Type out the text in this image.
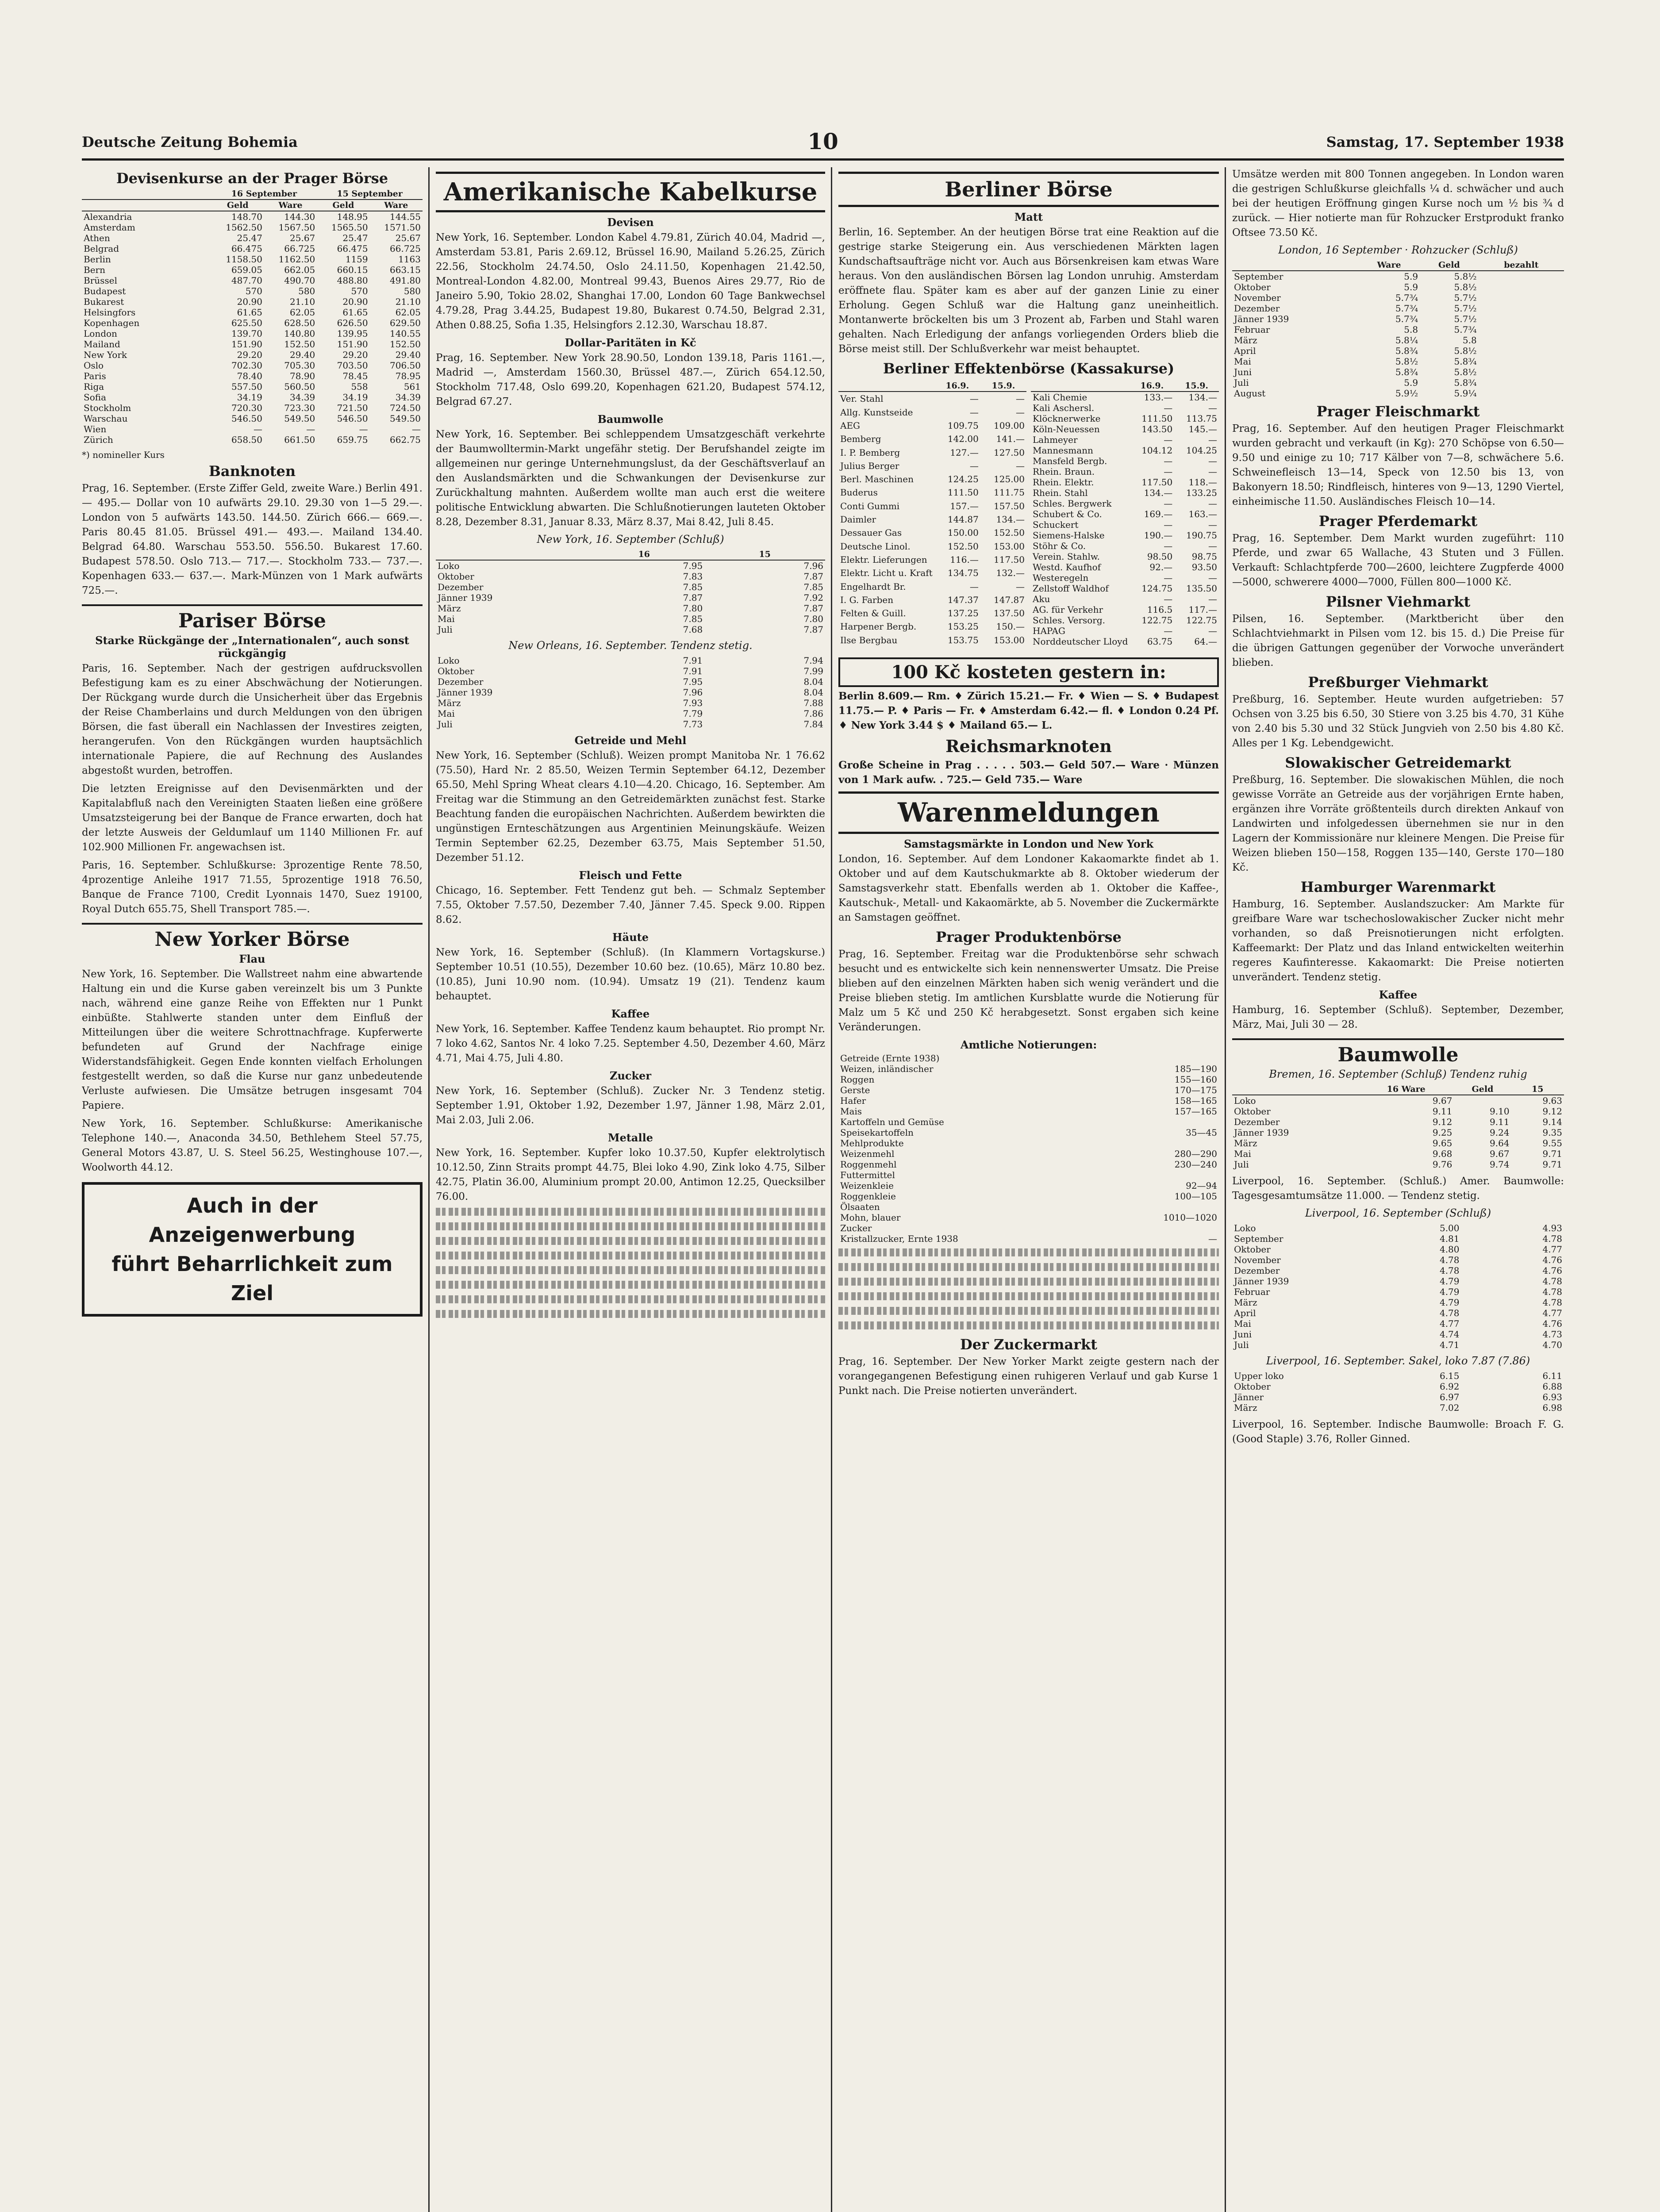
Deutsche Zeitung Bohemia	10	Samstag, 17. September 1938
Devisenkurse an der Prager Börse
	16 September		15 September	
	Geld	Ware	Geld	Ware
Alexandria	148.70	144.30	148.95	144.55
Amsterdam	1562.50	1567.50	1565.50	1571.50
Athen	25.47	25.67	25.47	25.67
Belgrad	66.475	66.725	66.475	66.725
Berlin	1158.50	1162.50	1159	1163
Bern	659.05	662.05	660.15	663.15
Brüssel	487.70	490.70	488.80	491.80
Budapest	570	580	570	580
Bukarest	20.90	21.10	20.90	21.10
Helsingfors	61.65	62.05	61.65	62.05
Kopenhagen	625.50	628.50	626.50	629.50
London	139.70	140.80	139.95	140.55
Mailand	151.90	152.50	151.90	152.50
New York	29.20	29.40	29.20	29.40
Oslo	702.30	705.30	703.50	706.50
Paris	78.40	78.90	78.45	78.95
Riga	557.50	560.50	558	561
Sofia	34.19	34.39	34.19	34.39
Stockholm	720.30	723.30	721.50	724.50
Warschau	546.50	549.50	546.50	549.50
Wien	—	—	—	—
Zürich	658.50	661.50	659.75	662.75
*) nomineller Kurs
Banknoten

Prag, 16. September. (Erste Ziffer Geld, zweite Ware.) Berlin 491.— 495.— Dollar von 10 aufwärts 29.10. 29.30 von 1—5 29.—. London von 5 aufwärts 143.50. 144.50. Zürich 666.— 669.—. Paris 80.45 81.05. Brüssel 491.— 493.—. Mailand 134.40. Belgrad 64.80. Warschau 553.50. 556.50. Bukarest 17.60. Budapest 578.50. Oslo 713.— 717.—. Stockholm 733.— 737.—. Kopenhagen 633.— 637.—. Mark-Münzen von 1 Mark aufwärts 725.—.

Pariser Börse
Starke Rückgänge der „Internationalen“, auch sonst rückgängig

Paris, 16. September. Nach der gestrigen aufdrucksvollen Befestigung kam es zu einer Abschwächung der Notierungen. Der Rückgang wurde durch die Unsicherheit über das Ergebnis der Reise Chamberlains und durch Meldungen von den übrigen Börsen, die fast überall ein Nachlassen der Investires zeigten, herangerufen. Von den Rückgängen wurden hauptsächlich internationale Papiere, die auf Rechnung des Auslandes abgestoßt wurden, betroffen.

Die letzten Ereignisse auf den Devisenmärkten und der Kapitalabfluß nach den Vereinigten Staaten ließen eine größere Umsatzsteigerung bei der Banque de France erwarten, doch hat der letzte Ausweis der Geldumlauf um 1140 Millionen Fr. auf 102.900 Millionen Fr. angewachsen ist.

Paris, 16. September. Schlußkurse: 3prozentige Rente 78.50, 4prozentige Anleihe 1917 71.55, 5prozentige 1918 76.50, Banque de France 7100, Credit Lyonnais 1470, Suez 19100, Royal Dutch 655.75, Shell Transport 785.—.

New Yorker Börse
Flau

New York, 16. September. Die Wallstreet nahm eine abwartende Haltung ein und die Kurse gaben vereinzelt bis um 3 Punkte nach, während eine ganze Reihe von Effekten nur 1 Punkt einbüßte. Stahlwerte standen unter dem Einfluß der Mitteilungen über die weitere Schrottnachfrage. Kupferwerte befundeten auf Grund der Nachfrage einige Widerstandsfähigkeit. Gegen Ende konnten vielfach Erholungen festgestellt werden, so daß die Kurse nur ganz unbedeutende Verluste aufwiesen. Die Umsätze betrugen insgesamt 704 Papiere.

New York, 16. September. Schlußkurse: Amerikanische Telephone 140.—, Anaconda 34.50, Bethlehem Steel 57.75, General Motors 43.87, U. S. Steel 56.25, Westinghouse 107.—, Woolworth 44.12.

Auch in der Anzeigenwerbung
führt Beharrlichkeit zum Ziel
Amerikanische Kabelkurse
Devisen

New York, 16. September. London Kabel 4.79.81, Zürich 40.04, Madrid —, Amsterdam 53.81, Paris 2.69.12, Brüssel 16.90, Mailand 5.26.25, Zürich 22.56, Stockholm 24.74.50, Oslo 24.11.50, Kopenhagen 21.42.50, Montreal-London 4.82.00, Montreal 99.43, Buenos Aires 29.77, Rio de Janeiro 5.90, Tokio 28.02, Shanghai 17.00, London 60 Tage Bankwechsel 4.79.28, Prag 3.44.25, Budapest 19.80, Bukarest 0.74.50, Belgrad 2.31, Athen 0.88.25, Sofia 1.35, Helsingfors 2.12.30, Warschau 18.87.

Dollar-Paritäten in Kč

Prag, 16. September. New York 28.90.50, London 139.18, Paris 1161.—, Madrid —, Amsterdam 1560.30, Brüssel 487.—, Zürich 654.12.50, Stockholm 717.48, Oslo 699.20, Kopenhagen 621.20, Budapest 574.12, Belgrad 67.27.

Baumwolle

New York, 16. September. Bei schleppendem Umsatzgeschäft verkehrte der Baumwolltermin-Markt ungefähr stetig. Der Berufshandel zeigte im allgemeinen nur geringe Unternehmungslust, da der Geschäftsverlauf an den Auslandsmärkten und die Schwankungen der Devisenkurse zur Zurückhaltung mahnten. Außerdem wollte man auch erst die weitere politische Entwicklung abwarten. Die Schlußnotierungen lauteten Oktober 8.28, Dezember 8.31, Januar 8.33, März 8.37, Mai 8.42, Juli 8.45.

New York, 16. September (Schluß)
	16	15
Loko	7.95	7.96
Oktober	7.83	7.87
Dezember	7.85	7.85
Jänner 1939	7.87	7.92
März	7.80	7.87
Mai	7.85	7.80
Juli	7.68	7.87
New Orleans, 16. September. Tendenz stetig.
Loko	7.91	7.94
Oktober	7.91	7.99
Dezember	7.95	8.04
Jänner 1939	7.96	8.04
März	7.93	7.88
Mai	7.79	7.86
Juli	7.73	7.84
Getreide und Mehl

New York, 16. September (Schluß). Weizen prompt Manitoba Nr. 1 76.62 (75.50), Hard Nr. 2 85.50, Weizen Termin September 64.12, Dezember 65.50, Mehl Spring Wheat clears 4.10—4.20. Chicago, 16. September. Am Freitag war die Stimmung an den Getreidemärkten zunächst fest. Starke Beachtung fanden die europäischen Nachrichten. Außerdem bewirkten die ungünstigen Ernteschätzungen aus Argentinien Meinungskäufe. Weizen Termin September 62.25, Dezember 63.75, Mais September 51.50, Dezember 51.12.

Fleisch und Fette

Chicago, 16. September. Fett Tendenz gut beh. — Schmalz September 7.55, Oktober 7.57.50, Dezember 7.40, Jänner 7.45. Speck 9.00. Rippen 8.62.

Häute

New York, 16. September (Schluß). (In Klammern Vortagskurse.) September 10.51 (10.55), Dezember 10.60 bez. (10.65), März 10.80 bez. (10.85), Juni 10.90 nom. (10.94). Umsatz 19 (21). Tendenz kaum behauptet.

Kaffee

New York, 16. September. Kaffee Tendenz kaum behauptet. Rio prompt Nr. 7 loko 4.62, Santos Nr. 4 loko 7.25. September 4.50, Dezember 4.60, März 4.71, Mai 4.75, Juli 4.80.

Zucker

New York, 16. September (Schluß). Zucker Nr. 3 Tendenz stetig. September 1.91, Oktober 1.92, Dezember 1.97, Jänner 1.98, März 2.01, Mai 2.03, Juli 2.06.

Metalle

New York, 16. September. Kupfer loko 10.37.50, Kupfer elektrolytisch 10.12.50, Zinn Straits prompt 44.75, Blei loko 4.90, Zink loko 4.75, Silber 42.75, Platin 36.00, Aluminium prompt 20.00, Antimon 12.25, Quecksilber 76.00.

Berliner Börse
Matt

Berlin, 16. September. An der heutigen Börse trat eine Reaktion auf die gestrige starke Steigerung ein. Aus verschiedenen Märkten lagen Kundschaftsaufträge nicht vor. Auch aus Börsenkreisen kam etwas Ware heraus. Von den ausländischen Börsen lag London unruhig. Amsterdam eröffnete flau. Später kam es aber auf der ganzen Linie zu einer Erholung. Gegen Schluß war die Haltung ganz uneinheitlich. Montanwerte bröckelten bis um 3 Prozent ab, Farben und Stahl waren gehalten. Nach Erledigung der anfangs vorliegenden Orders blieb die Börse meist still. Der Schlußverkehr war meist behauptet.

Berliner Effektenbörse (Kassakurse)
	16.9.	15.9.
Ver. Stahl	—	—
Allg. Kunstseide	—	—
AEG	109.75	109.00
Bemberg	142.00	141.—
I. P. Bemberg	127.—	127.50
Julius Berger	—	—
Berl. Maschinen	124.25	125.00
Buderus	111.50	111.75
Conti Gummi	157.—	157.50
Daimler	144.87	134.—
Dessauer Gas	150.00	152.50
Deutsche Linol.	152.50	153.00
Elektr. Lieferungen	116.—	117.50
Elektr. Licht u. Kraft	134.75	132.—
Engelhardt Br.	—	—
I. G. Farben	147.37	147.87
Felten & Guill.	137.25	137.50
Harpener Bergb.	153.25	150.—
Ilse Bergbau	153.75	153.00
	16.9.	15.9.
Kali Chemie	133.—	134.—
Kali Aschersl.	—	—
Klöcknerwerke	111.50	113.75
Köln-Neuessen	143.50	145.—
Lahmeyer	—	—
Mannesmann	104.12	104.25
Mansfeld Bergb.	—	—
Rhein. Braun.	—	—
Rhein. Elektr.	117.50	118.—
Rhein. Stahl	134.—	133.25
Schles. Bergwerk	—	—
Schubert & Co.	169.—	163.—
Schuckert	—	—
Siemens-Halske	190.—	190.75
Stöhr & Co.	—	—
Verein. Stahlw.	98.50	98.75
Westd. Kaufhof	92.—	93.50
Westeregeln	—	—
Zellstoff Waldhof	124.75	135.50
Aku	—	—
AG. für Verkehr	116.5	117.—
Schles. Versorg.	122.75	122.75
HAPAG	—	—
Norddeutscher Lloyd	63.75	64.—
100 Kč kosteten gestern in:

Berlin 8.609.— Rm. ♦ Zürich 15.21.— Fr. ♦ Wien — S. ♦ Budapest 11.75.— P. ♦ Paris — Fr. ♦ Amsterdam 6.42.— fl. ♦ London 0.24 Pf. ♦ New York 3.44 $ ♦ Mailand 65.— L.

Reichsmarknoten

Große Scheine in Prag . . . . . 503.— Geld 507.— Ware · Münzen von 1 Mark aufw. . 725.— Geld 735.— Ware

Warenmeldungen
Samstagsmärkte in London und New York

London, 16. September. Auf dem Londoner Kakaomarkte findet ab 1. Oktober und auf dem Kautschukmarkte ab 8. Oktober wiederum der Samstagsverkehr statt. Ebenfalls werden ab 1. Oktober die Kaffee-, Kautschuk-, Metall- und Kakaomärkte, ab 5. November die Zuckermärkte an Samstagen geöffnet.

Prager Produktenbörse

Prag, 16. September. Freitag war die Produktenbörse sehr schwach besucht und es entwickelte sich kein nennenswerter Umsatz. Die Preise blieben auf den einzelnen Märkten haben sich wenig verändert und die Preise blieben stetig. Im amtlichen Kursblatte wurde die Notierung für Malz um 5 Kč und 250 Kč herabgesetzt. Sonst ergaben sich keine Veränderungen.

Amtliche Notierungen:
Getreide (Ernte 1938)	
Weizen, inländischer	185—190
Roggen	155—160
Gerste	170—175
Hafer	158—165
Mais	157—165
Kartoffeln und Gemüse	
Speisekartoffeln	35—45
Mehlprodukte	
Weizenmehl	280—290
Roggenmehl	230—240
Futtermittel	
Weizenkleie	92—94
Roggenkleie	100—105
Ölsaaten	
Mohn, blauer	1010—1020
Zucker	
Kristallzucker, Ernte 1938	—
Der Zuckermarkt

Prag, 16. September. Der New Yorker Markt zeigte gestern nach der vorangegangenen Befestigung einen ruhigeren Verlauf und gab Kurse 1 Punkt nach. Die Preise notierten unverändert.

Umsätze werden mit 800 Tonnen angegeben. In London waren die gestrigen Schlußkurse gleichfalls ¼ d. schwächer und auch bei der heutigen Eröffnung gingen Kurse noch um ½ bis ¾ d zurück. — Hier notierte man für Rohzucker Erstprodukt franko Oftsee 73.50 Kč.

London, 16 September · Rohzucker (Schluß)
	Ware	Geld	bezahlt
September	5.9	5.8½	
Oktober	5.9	5.8½	
November	5.7¾	5.7½	
Dezember	5.7¾	5.7½	
Jänner 1939	5.7¾	5.7½	
Februar	5.8	5.7¾	
März	5.8¼	5.8	
April	5.8¾	5.8½	
Mai	5.8½	5.8¾	
Juni	5.8¾	5.8½	
Juli	5.9	5.8¾	
August	5.9½	5.9¼	
Prager Fleischmarkt

Prag, 16. September. Auf den heutigen Prager Fleischmarkt wurden gebracht und verkauft (in Kg): 270 Schöpse von 6.50—9.50 und einige zu 10; 717 Kälber von 7—8, schwächere 5.6. Schweinefleisch 13—14, Speck von 12.50 bis 13, von Bakonyern 18.50; Rindfleisch, hinteres von 9—13, 1290 Viertel, einheimische 11.50. Ausländisches Fleisch 10—14.

Prager Pferdemarkt

Prag, 16. September. Dem Markt wurden zugeführt: 110 Pferde, und zwar 65 Wallache, 43 Stuten und 3 Füllen. Verkauft: Schlachtpferde 700—2600, leichtere Zugpferde 4000—5000, schwerere 4000—7000, Füllen 800—1000 Kč.

Pilsner Viehmarkt

Pilsen, 16. September. (Marktbericht über den Schlachtviehmarkt in Pilsen vom 12. bis 15. d.) Die Preise für die übrigen Gattungen gegenüber der Vorwoche unverändert blieben.

Preßburger Viehmarkt

Preßburg, 16. September. Heute wurden aufgetrieben: 57 Ochsen von 3.25 bis 6.50, 30 Stiere von 3.25 bis 4.70, 31 Kühe von 2.40 bis 5.30 und 32 Stück Jungvieh von 2.50 bis 4.80 Kč. Alles per 1 Kg. Lebendgewicht.

Slowakischer Getreidemarkt

Preßburg, 16. September. Die slowakischen Mühlen, die noch gewisse Vorräte an Getreide aus der vorjährigen Ernte haben, ergänzen ihre Vorräte größtenteils durch direkten Ankauf von Landwirten und infolgedessen übernehmen sie nur in den Lagern der Kommissionäre nur kleinere Mengen. Die Preise für Weizen blieben 150—158, Roggen 135—140, Gerste 170—180 Kč.

Hamburger Warenmarkt

Hamburg, 16. September. Auslandszucker: Am Markte für greifbare Ware war tschechoslowakischer Zucker nicht mehr vorhanden, so daß Preisnotierungen nicht erfolgten. Kaffeemarkt: Der Platz und das Inland entwickelten weiterhin regeres Kaufinteresse. Kakaomarkt: Die Preise notierten unverändert. Tendenz stetig.

Kaffee

Hamburg, 16. September (Schluß). September, Dezember, März, Mai, Juli 30 — 28.

Baumwolle
Bremen, 16. September (Schluß) Tendenz ruhig
	16 Ware	Geld	15
Loko	9.67		9.63
Oktober	9.11	9.10	9.12
Dezember	9.12	9.11	9.14
Jänner 1939	9.25	9.24	9.35
März	9.65	9.64	9.55
Mai	9.68	9.67	9.71
Juli	9.76	9.74	9.71

Liverpool, 16. September. (Schluß.) Amer. Baumwolle: Tagesgesamtumsätze 11.000. — Tendenz stetig.

Liverpool, 16. September (Schluß)
Loko	5.00	4.93
September	4.81	4.78
Oktober	4.80	4.77
November	4.78	4.76
Dezember	4.78	4.76
Jänner 1939	4.79	4.78
Februar	4.79	4.78
März	4.79	4.78
April	4.78	4.77
Mai	4.77	4.76
Juni	4.74	4.73
Juli	4.71	4.70
Liverpool, 16. September. Sakel, loko 7.87 (7.86)
Upper loko	6.15	6.11
Oktober	6.92	6.88
Jänner	6.97	6.93
März	7.02	6.98

Liverpool, 16. September. Indische Baumwolle: Broach F. G. (Good Staple) 3.76, Roller Ginned.
